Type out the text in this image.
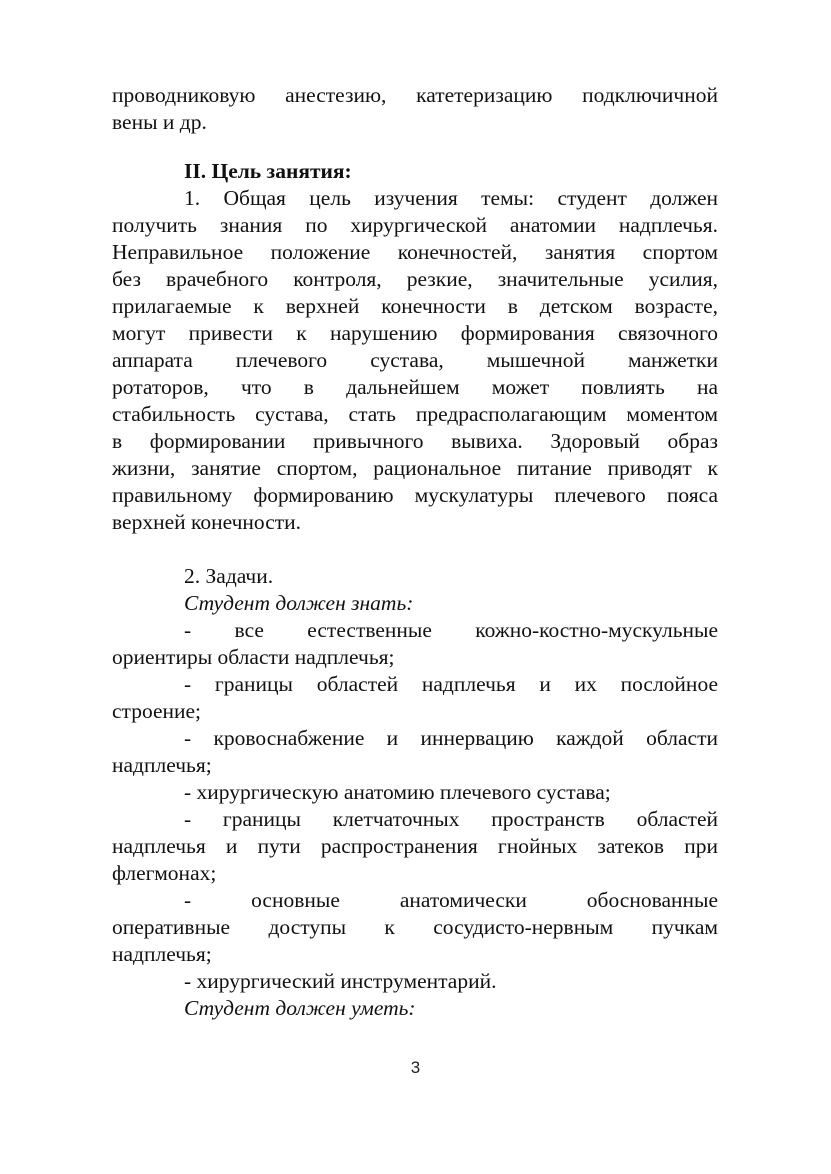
проводниковую анестезию, катетеризацию подключичной

вены и др.

II. Цель занятия:

1. Общая цель изучения темы: студент должен

получить знания по хирургической анатомии надплечья.

Неправильное положение конечностей, занятия спортом

без врачебного контроля, резкие, значительные усилия,

прилагаемые к верхней конечности в детском возрасте,

могут привести к нарушению формирования связочного

аппарата плечевого сустава, мышечной манжетки

ротаторов, что в дальнейшем может повлиять на

стабильность сустава, стать предрасполагающим моментом

в формировании привычного вывиха. Здоровый образ

жизни, занятие спортом, рациональное питание приводят к

правильному формированию мускулатуры плечевого пояса

верхней конечности.

2. Задачи.

Студент должен знать:

- все естественные кожно-костно-мускульные

ориентиры области надплечья;

- границы областей надплечья и их послойное

строение;

- кровоснабжение и иннервацию каждой области

надплечья;

- хирургическую анатомию плечевого сустава;

- границы клетчаточных пространств областей

надплечья и пути распространения гнойных затеков при

флегмонах;

- основные анатомически обоснованные

оперативные доступы к сосудисто-нервным пучкам

надплечья;

- хирургический инструментарий.

Студент должен уметь:

3
